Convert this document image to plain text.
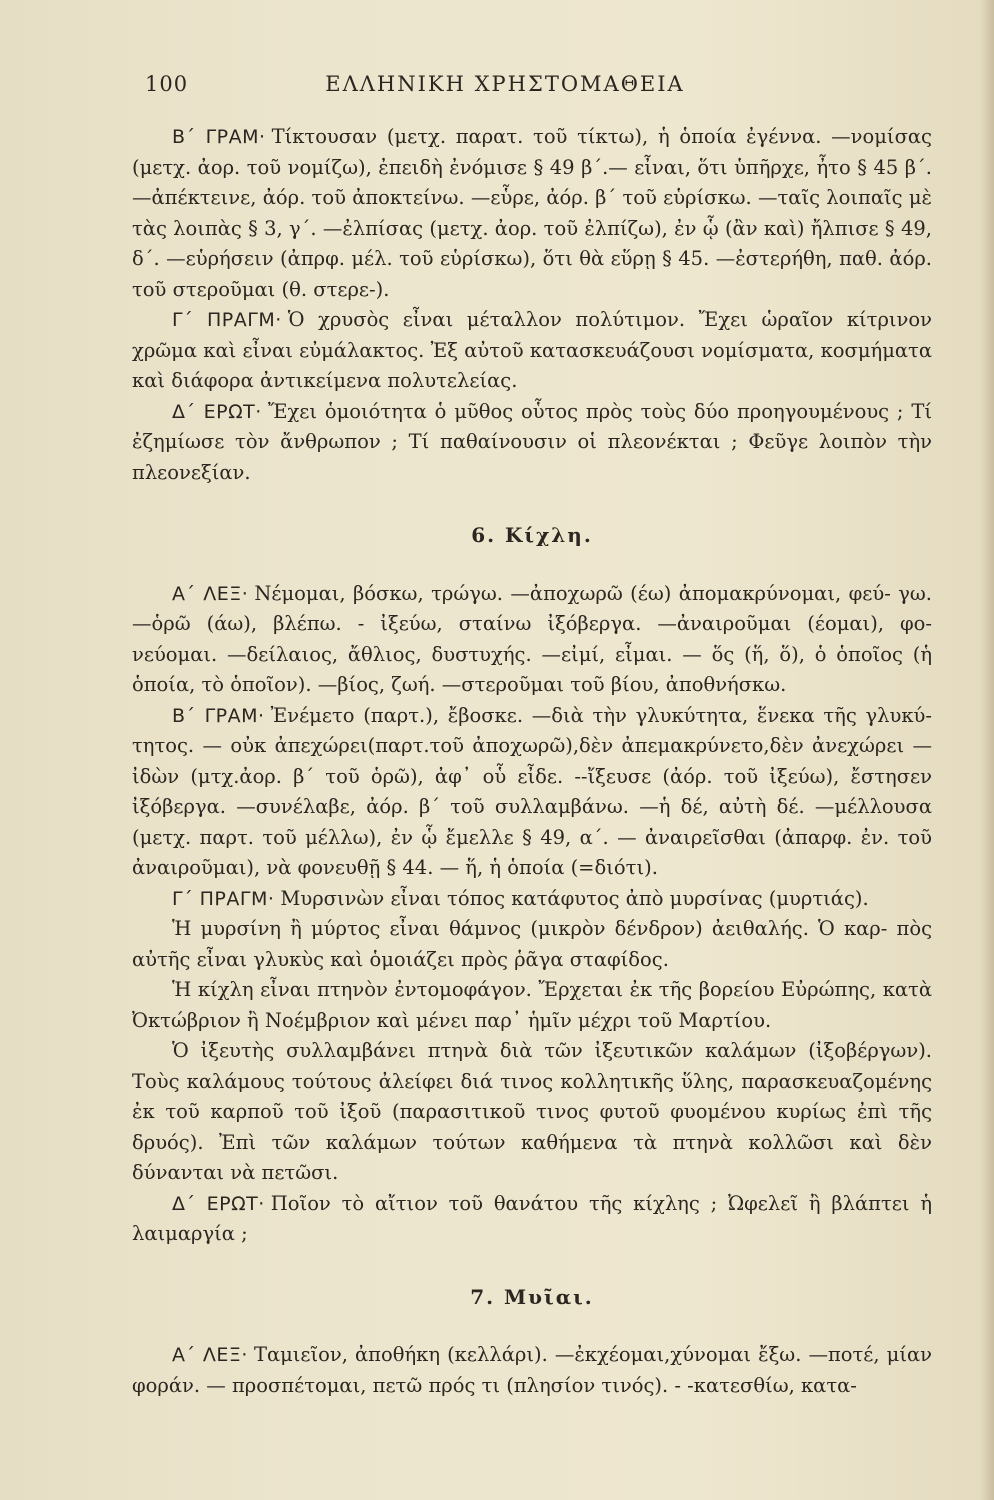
100	ΕΛΛΗΝΙΚΗ ΧΡΗΣΤΟΜΑΘΕΙΑ
Β΄ ΓΡΑΜ· Τίκτουσαν (μετχ. παρατ. τοῦ τίκτω), ἡ ὁποία ἐγέννα. —νομίσας (μετχ. ἀορ. τοῦ νομίζω), ἐπειδὴ ἐνόμισε § 49 β΄.— εἶναι, ὅτι ὑπῆρχε, ἦτο § 45 β΄. —ἀπέκτεινε, ἀόρ. τοῦ ἀποκτείνω. —εὗρε, ἀόρ. β΄ τοῦ εὑρίσκω. —ταῖς λοιπαῖς μὲ τὰς λοιπὰς § 3, γ΄. —ἐλπίσας (μετχ. ἀορ. τοῦ ἐλπίζω), ἐν ᾧ (ἂν καὶ) ἤλπισε § 49, δ΄. —εὑρήσειν (ἀπρφ. μέλ. τοῦ εὑρίσκω), ὅτι θὰ εὕρῃ § 45. —ἐστερήθη, παθ. ἀόρ. τοῦ στεροῦμαι (θ. στερε-).
Γ΄ ΠΡΑΓΜ· Ὁ χρυσὸς εἶναι μέταλλον πολύτιμον. Ἔχει ὡραῖον κίτρινον χρῶμα καὶ εἶναι εὐμάλακτος. Ἐξ αὐτοῦ κατασκευάζουσι νομίσματα, κοσμήματα καὶ διάφορα ἀντικείμενα πολυτελείας.
Δ΄ ΕΡΩΤ· Ἔχει ὁμοιότητα ὁ μῦθος οὗτος πρὸς τοὺς δύο προηγουμένους ; Τί ἐζημίωσε τὸν ἄνθρωπον ; Τί παθαίνουσιν οἱ πλεονέκται ; Φεῦγε λοιπὸν τὴν πλεονεξίαν.
6. Κίχλη.
Α΄ ΛΕΞ· Νέμομαι, βόσκω, τρώγω. —ἀποχωρῶ (έω) ἀπομακρύνομαι, φεύ- γω. —ὁρῶ (άω), βλέπω. - ἰξεύω, σταίνω ἰξόβεργα. —ἀναιροῦμαι (έομαι), φο- νεύομαι. —δείλαιος, ἄθλιος, δυστυχής. —εἰμί, εἶμαι. — ὅς (ἥ, ὅ), ὁ ὁποῖος (ἡ ὁποία, τὸ ὁποῖον). —βίος, ζωή. —στεροῦμαι τοῦ βίου, ἀποθνήσκω.
Β΄ ΓΡΑΜ· Ἐνέμετο (παρτ.), ἔβοσκε. —διὰ τὴν γλυκύτητα, ἕνεκα τῆς γλυκύ- τητος. — οὐκ ἀπεχώρει(παρτ.τοῦ ἀποχωρῶ),δὲν ἀπεμακρύνετο,δὲν ἀνεχώρει —ἰδὼν (μτχ.ἀορ. β΄ τοῦ ὁρῶ), ἀφ᾽ οὗ εἶδε. --ἴξευσε (ἀόρ. τοῦ ἰξεύω), ἔστησεν ἰξόβεργα. —συνέλαβε, ἀόρ. β΄ τοῦ συλλαμβάνω. —ἡ δέ, αὐτὴ δέ. —μέλλουσα (μετχ. παρτ. τοῦ μέλλω), ἐν ᾧ ἔμελλε § 49, α΄. — ἀναιρεῖσθαι (ἀπαρφ. ἐν. τοῦ ἀναιροῦμαι), νὰ φονευθῇ § 44. — ἥ, ἡ ὁποία (=διότι).
Γ΄ ΠΡΑΓΜ· Μυρσινὼν εἶναι τόπος κατάφυτος ἀπὸ μυρσίνας (μυρτιάς).
Ἡ μυρσίνη ἢ μύρτος εἶναι θάμνος (μικρὸν δένδρον) ἀειθαλής. Ὁ καρ- πὸς αὐτῆς εἶναι γλυκὺς καὶ ὁμοιάζει πρὸς ῥᾶγα σταφίδος.
Ἡ κίχλη εἶναι πτηνὸν ἐντομοφάγον. Ἔρχεται ἐκ τῆς βορείου Εὐρώπης, κατὰ Ὀκτώβριον ἢ Νοέμβριον καὶ μένει παρ᾽ ἡμῖν μέχρι τοῦ Μαρτίου.
Ὁ ἰξευτὴς συλλαμβάνει πτηνὰ διὰ τῶν ἰξευτικῶν καλάμων (ἰξοβέργων). Τοὺς καλάμους τούτους ἀλείφει διά τινος κολλητικῆς ὕλης, παρασκευαζομένης ἐκ τοῦ καρποῦ τοῦ ἰξοῦ (παρασιτικοῦ τινος φυτοῦ φυομένου κυρίως ἐπὶ τῆς δρυός). Ἐπὶ τῶν καλάμων τούτων καθήμενα τὰ πτηνὰ κολλῶσι καὶ δὲν δύνανται νὰ πετῶσι.
Δ΄ ΕΡΩΤ· Ποῖον τὸ αἴτιον τοῦ θανάτου τῆς κίχλης ; Ὠφελεῖ ἢ βλάπτει ἡ λαιμαργία ;
7. Μυῖαι.
Α΄ ΛΕΞ· Ταμιεῖον, ἀποθήκη (κελλάρι). —ἐκχέομαι,χύνομαι ἔξω. —ποτέ, μίαν φοράν. — προσπέτομαι, πετῶ πρός τι (πλησίον τινός). - -κατεσθίω, κατα-
